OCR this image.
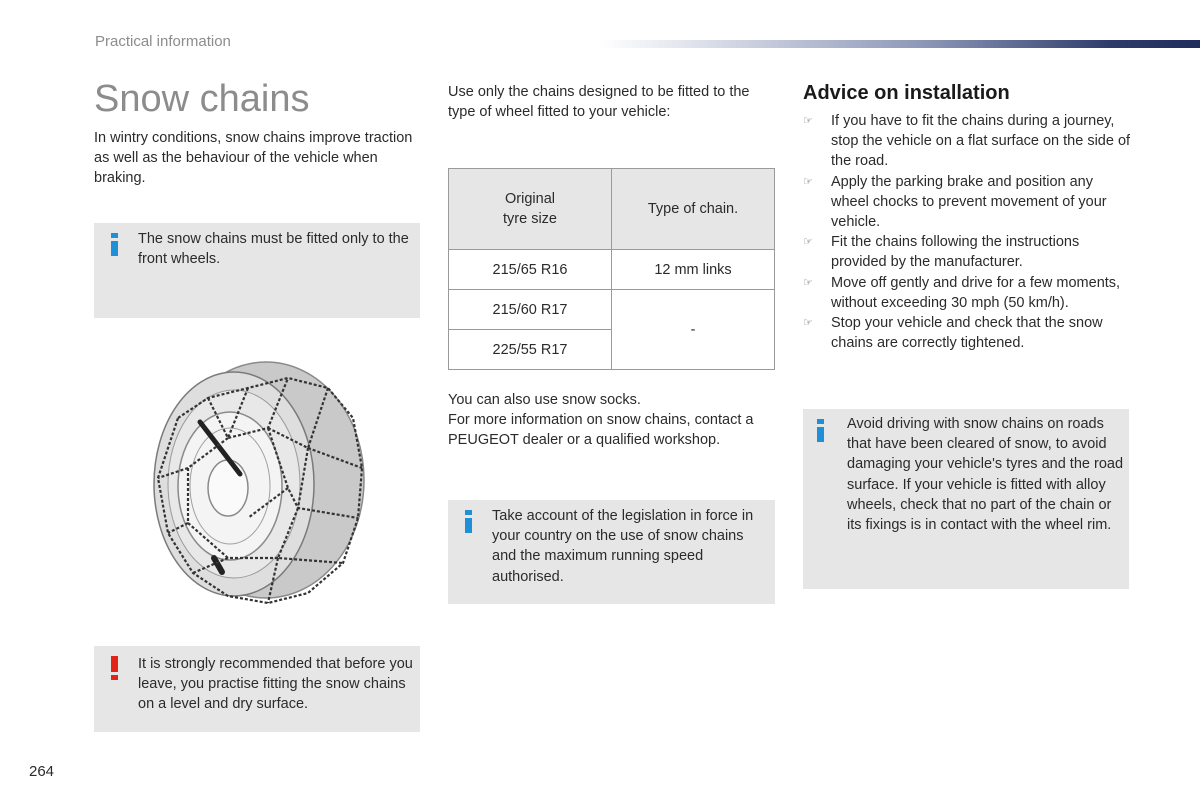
Practical information
Snow chains

In wintry conditions, snow chains improve traction as well as the behaviour of the vehicle when braking.

The snow chains must be fitted only to the front wheels.

It is strongly recommended that before you leave, you practise fitting the snow chains on a level and dry surface.

Use only the chains designed to be fitted to the type of wheel fitted to your vehicle:

Original tyre size	Type of chain.
215/65 R16	12 mm links
215/60 R17	-
225/55 R17	

You can also use snow socks.

For more information on snow chains, contact a PEUGEOT dealer or a qualified workshop.

Take account of the legislation in force in your country on the use of snow chains and the maximum running speed authorised.

Advice on installation
☞ If you have to fit the chains during a journey, stop the vehicle on a flat surface on the side of the road.
☞ Apply the parking brake and position any wheel chocks to prevent movement of your vehicle.
☞ Fit the chains following the instructions provided by the manufacturer.
☞ Move off gently and drive for a few moments, without exceeding 30 mph (50 km/h).
☞ Stop your vehicle and check that the snow chains are correctly tightened.

Avoid driving with snow chains on roads that have been cleared of snow, to avoid damaging your vehicle's tyres and the road surface. If your vehicle is fitted with alloy wheels, check that no part of the chain or its fixings is in contact with the wheel rim.

264
